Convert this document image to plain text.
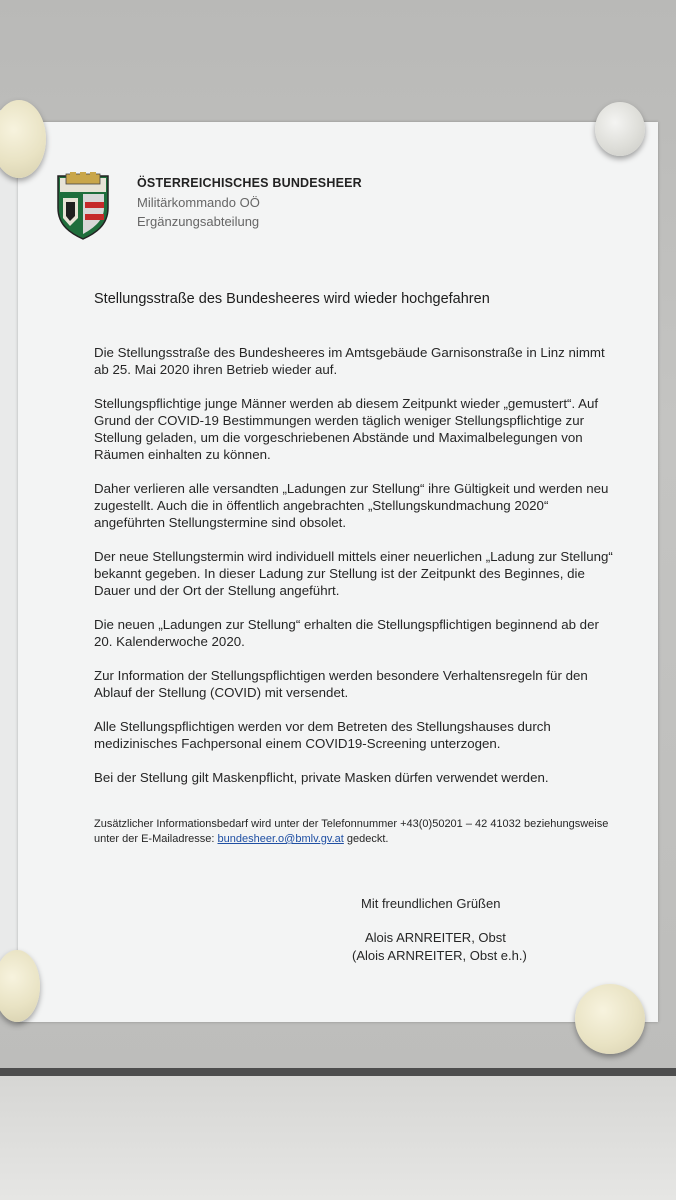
ÖSTERREICHISCHES BUNDESHEER
Militärkommando OÖ
Ergänzungsabteilung
Stellungsstraße des Bundesheeres wird wieder hochgefahren

Die Stellungsstraße des Bundesheeres im Amtsgebäude Garnisonstraße in Linz nimmt ab 25. Mai 2020 ihren Betrieb wieder auf.

Stellungspflichtige junge Männer werden ab diesem Zeitpunkt wieder „gemustert“. Auf Grund der COVID-19 Bestimmungen werden täglich weniger Stellungspflichtige zur Stellung geladen, um die vorgeschriebenen Abstände und Maximalbelegungen von Räumen einhalten zu können.

Daher verlieren alle versandten „Ladungen zur Stellung“ ihre Gültigkeit und werden neu zugestellt. Auch die in öffentlich angebrachten „Stellungskundmachung 2020“ angeführten Stellungstermine sind obsolet.

Der neue Stellungstermin wird individuell mittels einer neuerlichen „Ladung zur Stellung“ bekannt gegeben. In dieser Ladung zur Stellung ist der Zeitpunkt des Beginnes, die Dauer und der Ort der Stellung angeführt.

Die neuen „Ladungen zur Stellung“ erhalten die Stellungspflichtigen beginnend ab der 20. Kalenderwoche 2020.

Zur Information der Stellungspflichtigen werden besondere Verhaltensregeln für den Ablauf der Stellung (COVID) mit versendet.

Alle Stellungspflichtigen werden vor dem Betreten des Stellungshauses durch medizinisches Fachpersonal einem COVID19-Screening unterzogen.

Bei der Stellung gilt Maskenpflicht, private Masken dürfen verwendet werden.

Zusätzlicher Informationsbedarf wird unter der Telefonnummer +43(0)50201 – 42 41032 beziehungsweise unter der E-Mailadresse: bundesheer.o@bmlv.gv.at gedeckt.
Mit freundlichen Grüßen
Alois ARNREITER, Obst
(Alois ARNREITER, Obst e.h.)
